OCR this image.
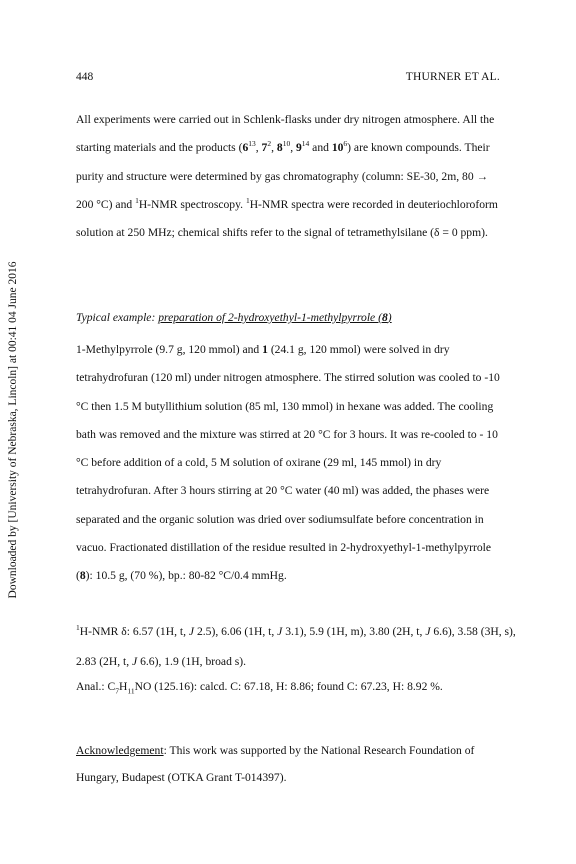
448	THURNER ET AL.
Downloaded by [University of Nebraska, Lincoln] at 00:41 04 June 2016
All experiments were carried out in Schlenk-flasks under dry nitrogen atmosphere. All the starting materials and the products ($6^{13}$, $7^2$, $8^{10}$, $9^{14}$ and $10^6$) are known compounds. Their purity and structure were determined by gas chromatography (column: SE-30, 2m, 80 → 200 °C) and $^1$H-NMR spectroscopy. $^1$H-NMR spectra were recorded in deuteriochloroform solution at 250 MHz; chemical shifts refer to the signal of tetramethylsilane (δ = 0 ppm).
Typical example: preparation of 2-hydroxyethyl-1-methylpyrrole (8)
1-Methylpyrrole (9.7 g, 120 mmol) and 1 (24.1 g, 120 mmol) were solved in dry tetrahydrofuran (120 ml) under nitrogen atmosphere. The stirred solution was cooled to -10 °C then 1.5 M butyllithium solution (85 ml, 130 mmol) in hexane was added. The cooling bath was removed and the mixture was stirred at 20 °C for 3 hours. It was re-cooled to - 10 °C before addition of a cold, 5 M solution of oxirane (29 ml, 145 mmol) in dry tetrahydrofuran. After 3 hours stirring at 20 °C water (40 ml) was added, the phases were separated and the organic solution was dried over sodiumsulfate before concentration in vacuo. Fractionated distillation of the residue resulted in 2-hydroxyethyl-1-methylpyrrole (8): 10.5 g, (70 %), bp.: 80-82 °C/0.4 mmHg.
$^1$H-NMR δ: 6.57 (1H, t, J 2.5), 6.06 (1H, t, J 3.1), 5.9 (1H, m), 3.80 (2H, t, J 6.6), 3.58 (3H, s), 2.83 (2H, t, J 6.6), 1.9 (1H, broad s).
Anal.: $C_7H_{11}NO$ (125.16): calcd. C: 67.18, H: 8.86; found C: 67.23, H: 8.92 %.
Acknowledgement: This work was supported by the National Research Foundation of Hungary, Budapest (OTKA Grant T-014397).
